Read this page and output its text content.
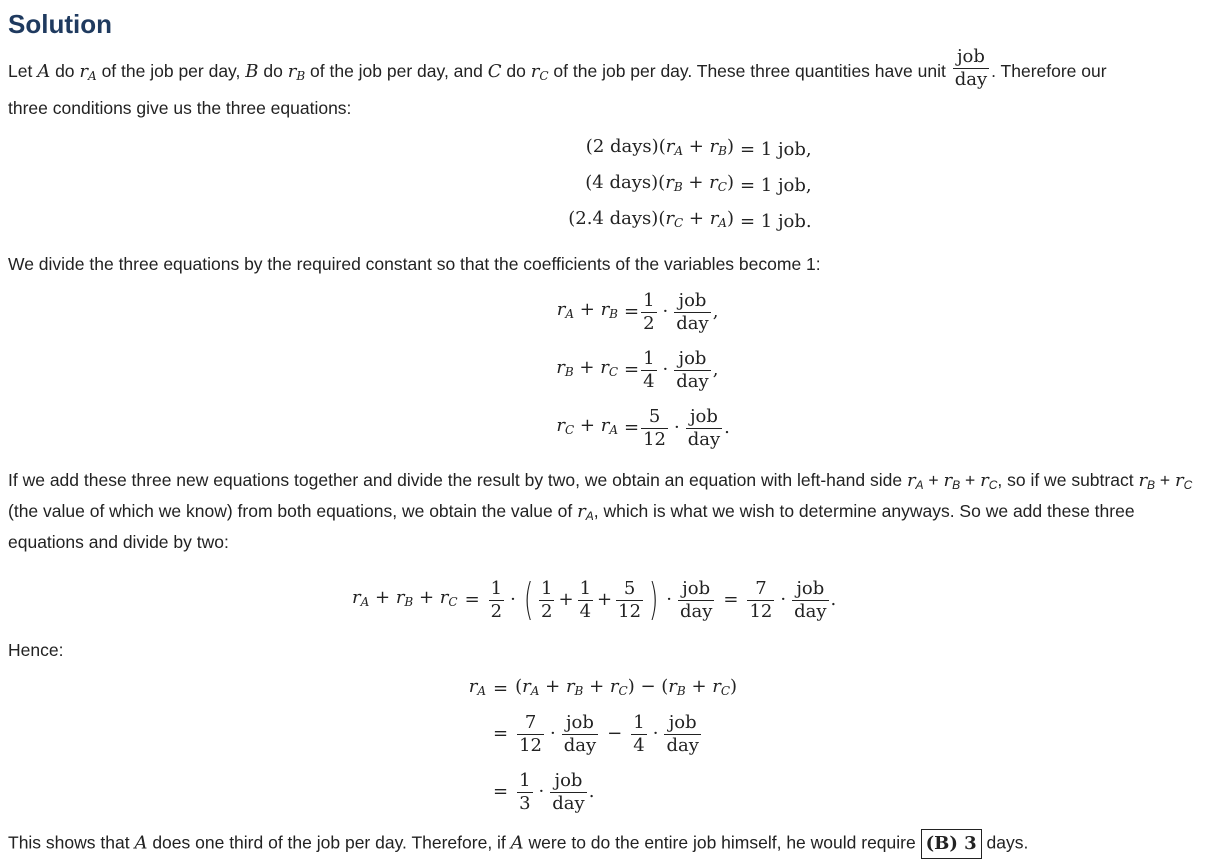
Solution

Let A do $r_A$ of the job per day, B do $r_B$ of the job per day, and C do $r_C$ of the job per day. These three quantities have unit $\frac{\text{job}}{\text{day}}$ . Therefore our

three conditions give us the three equations:

(2 $days)(r_A + r_B) = 1$ job,
(4 $days)(r_B + r_C) = 1$ job,
(2.4 $days)(r_C + r_A) = 1$ job.

We divide the three equations by the required constant so that the coefficients of the variables become 1:

$r_A + r_B = \frac{1}{2} \cdot \frac{\text{job}}{\text{day}}$ ,
$r_B + r_C = \frac{1}{4} \cdot \frac{\text{job}}{\text{day}}$ ,
$r_C + r_A = \frac{5}{12} \cdot \frac{\text{job}}{\text{day}}$ .

If we add these three new equations together and divide the result by two, we obtain an equation with left-hand side $r_A + r_B + r_C$, so if we subtract $r_B + r_C$ (the value of which we know) from both equations, we obtain the value of $r_A$, which is what we wish to determine anyways. So we add these three equations and divide by two:

$r_A + r_B + r_C = \frac{1}{2}$ · ( $\frac{1}{2} + \frac{1}{4} + \frac{5}{12}$ ) · $\frac{\text{job}}{\text{day}} = \frac{7}{12} \cdot \frac{\text{job}}{\text{day}}$ .

Hence:

$r_A = (r_A + r_B + r_C) - (r_B + r_C)$
= $\frac{7}{12} \cdot \frac{\text{job}}{\text{day}} - \frac{1}{4} \cdot \frac{\text{job}}{\text{day}}$
= $\frac{1}{3} \cdot \frac{\text{job}}{\text{day}}$ .

This shows that A does one third of the job per day. Therefore, if A were to do the entire job himself, he would require (B) 3 days.
